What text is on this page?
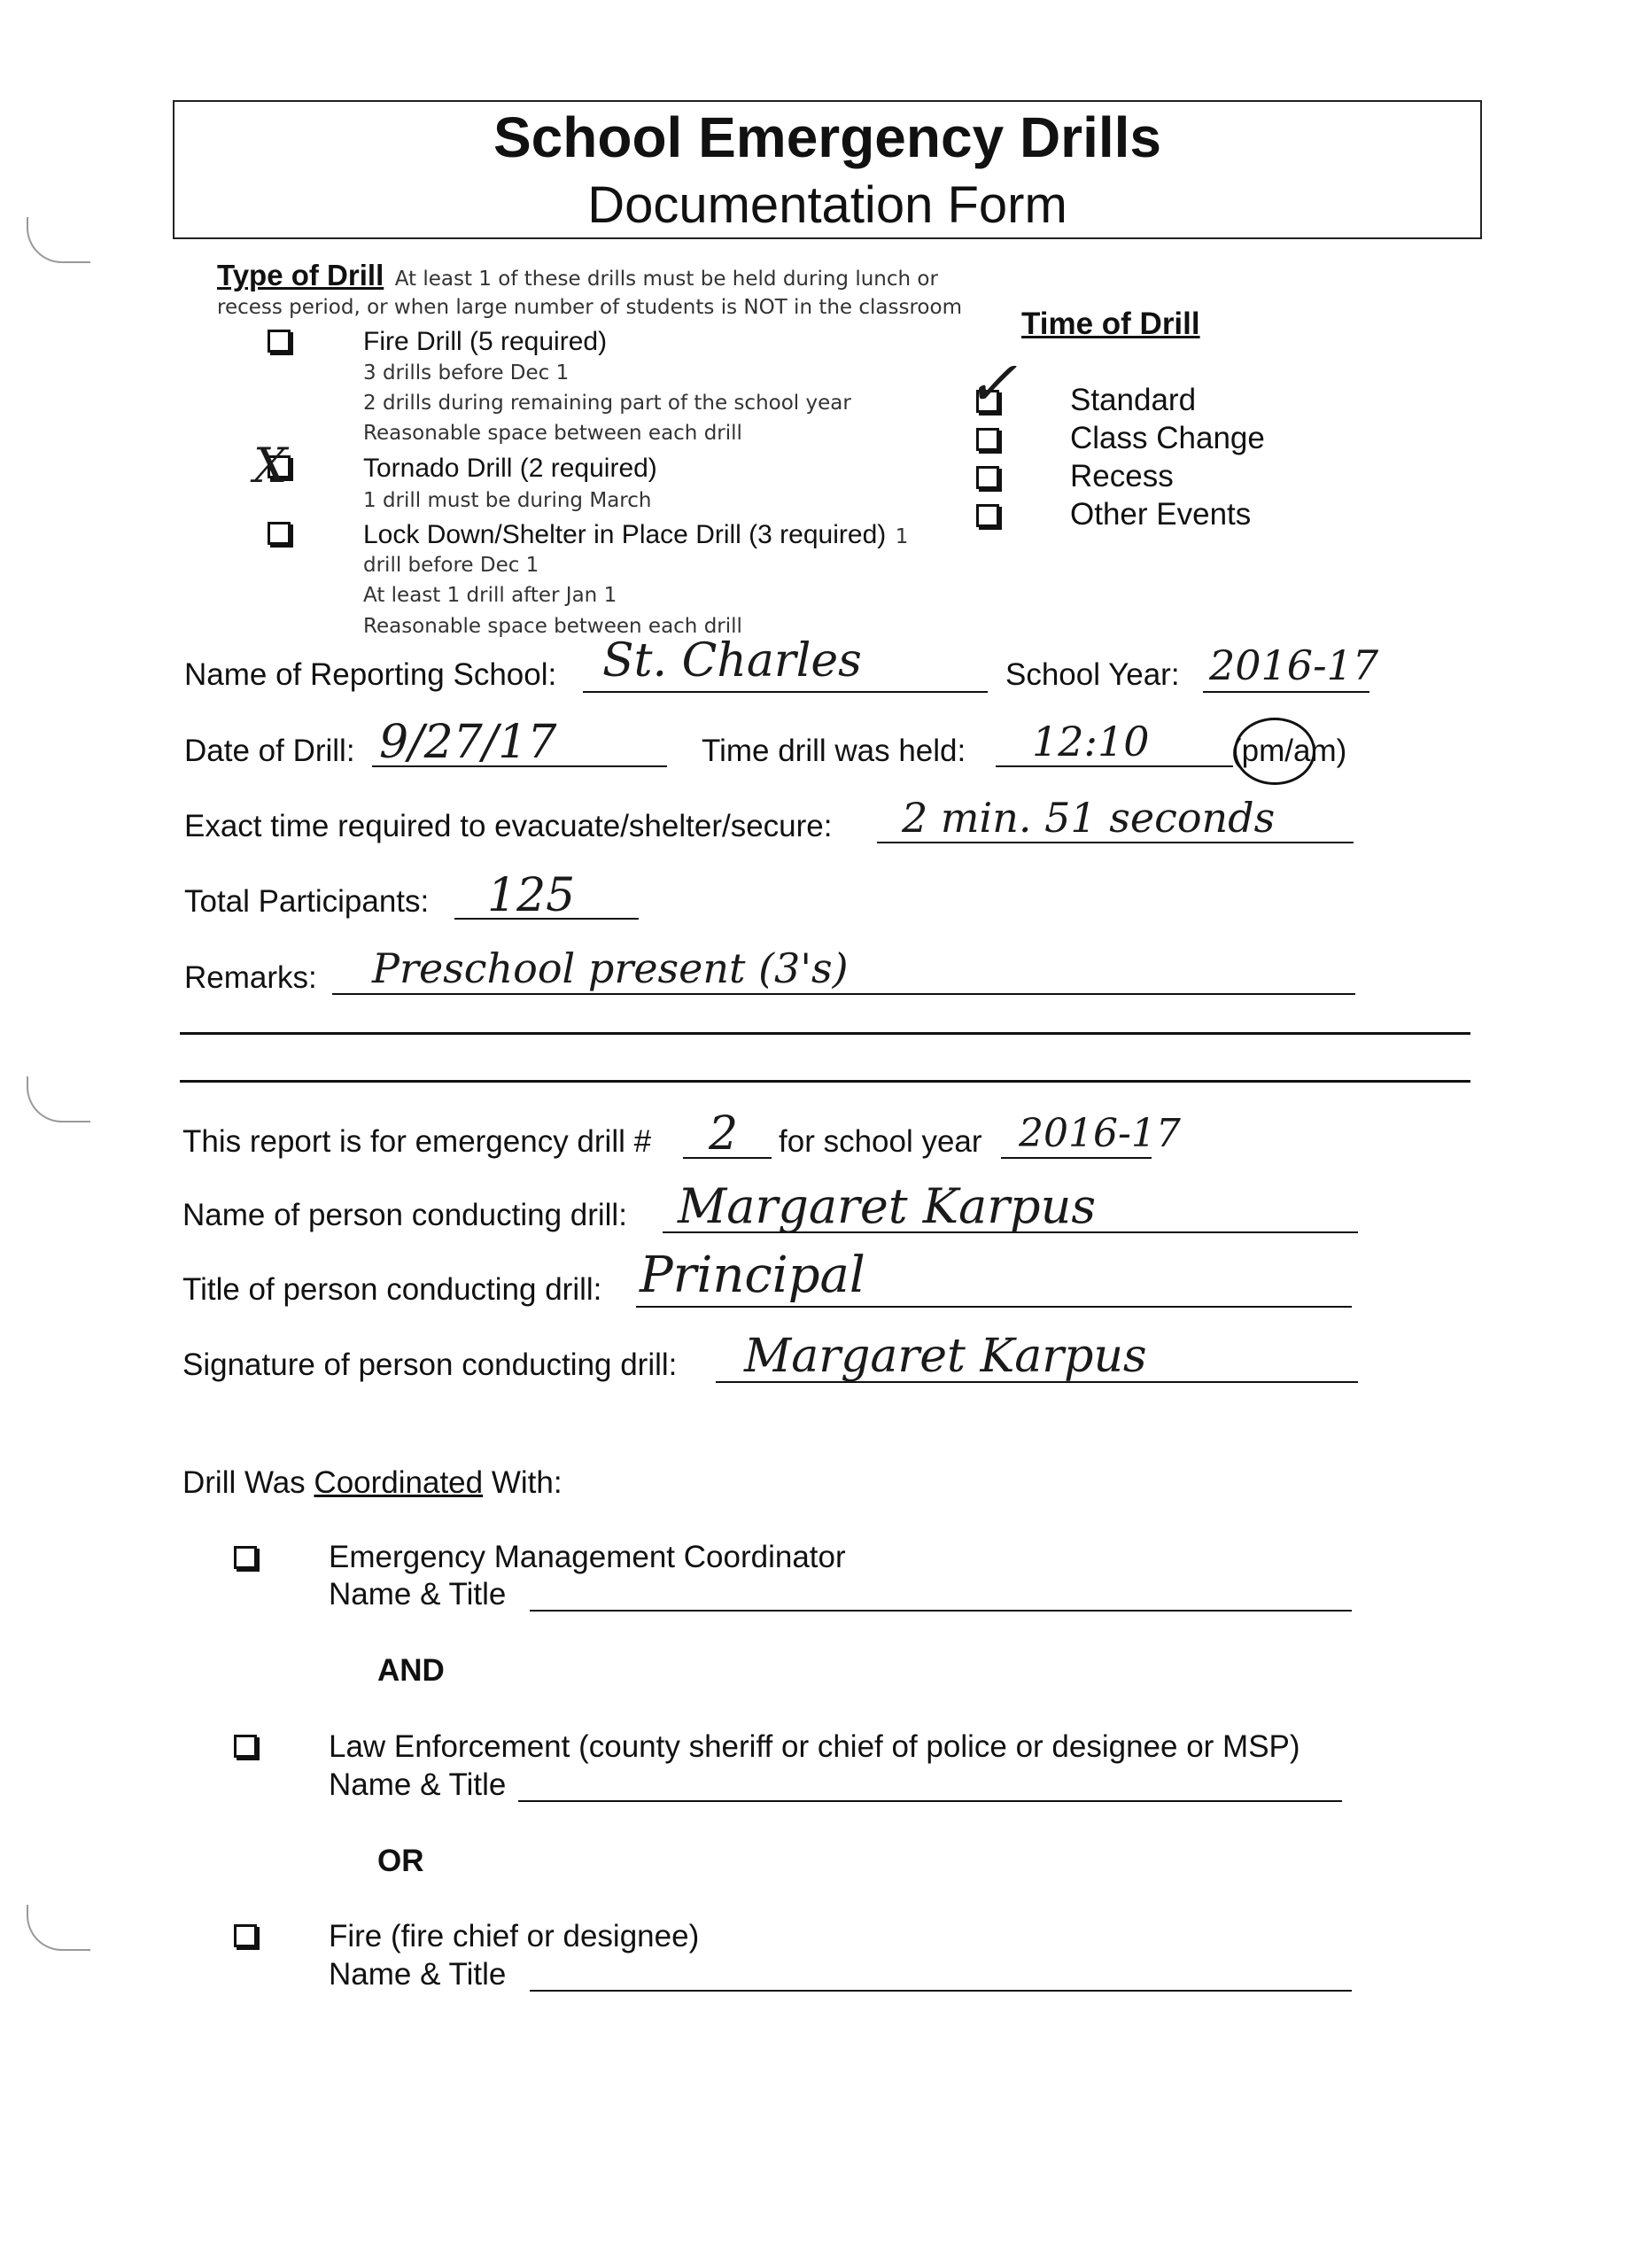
School Emergency Drills
Documentation Form
Type of Drill At least 1 of these drills must be held during lunch or
recess period, or when large number of students is NOT in the classroom
Fire Drill (5 required)
3 drills before Dec 1
2 drills during remaining part of the school year
Reasonable space between each drill
X	Tornado Drill (2 required)
1 drill must be during March
Lock Down/Shelter in Place Drill (3 required) 1
drill before Dec 1
At least 1 drill after Jan 1
Reasonable space between each drill
Time of Drill
✓ Standard
Class Change
Recess
Other Events
Name of Reporting School: St. Charles	School Year: 2016-17
Date of Drill: 9/27/17	Time drill was held: 12:10	(pm/am)
Exact time required to evacuate/shelter/secure: 2 min. 51 seconds
Total Participants: 125
Remarks: Preschool present (3's)
This report is for emergency drill # 2 for school year 2016-17
Name of person conducting drill: Margaret Karpus
Title of person conducting drill: Principal
Signature of person conducting drill: Margaret Karpus
Drill Was Coordinated With:
Emergency Management Coordinator
Name & Title
AND
Law Enforcement (county sheriff or chief of police or designee or MSP)
Name & Title
OR
Fire (fire chief or designee)
Name & Title
